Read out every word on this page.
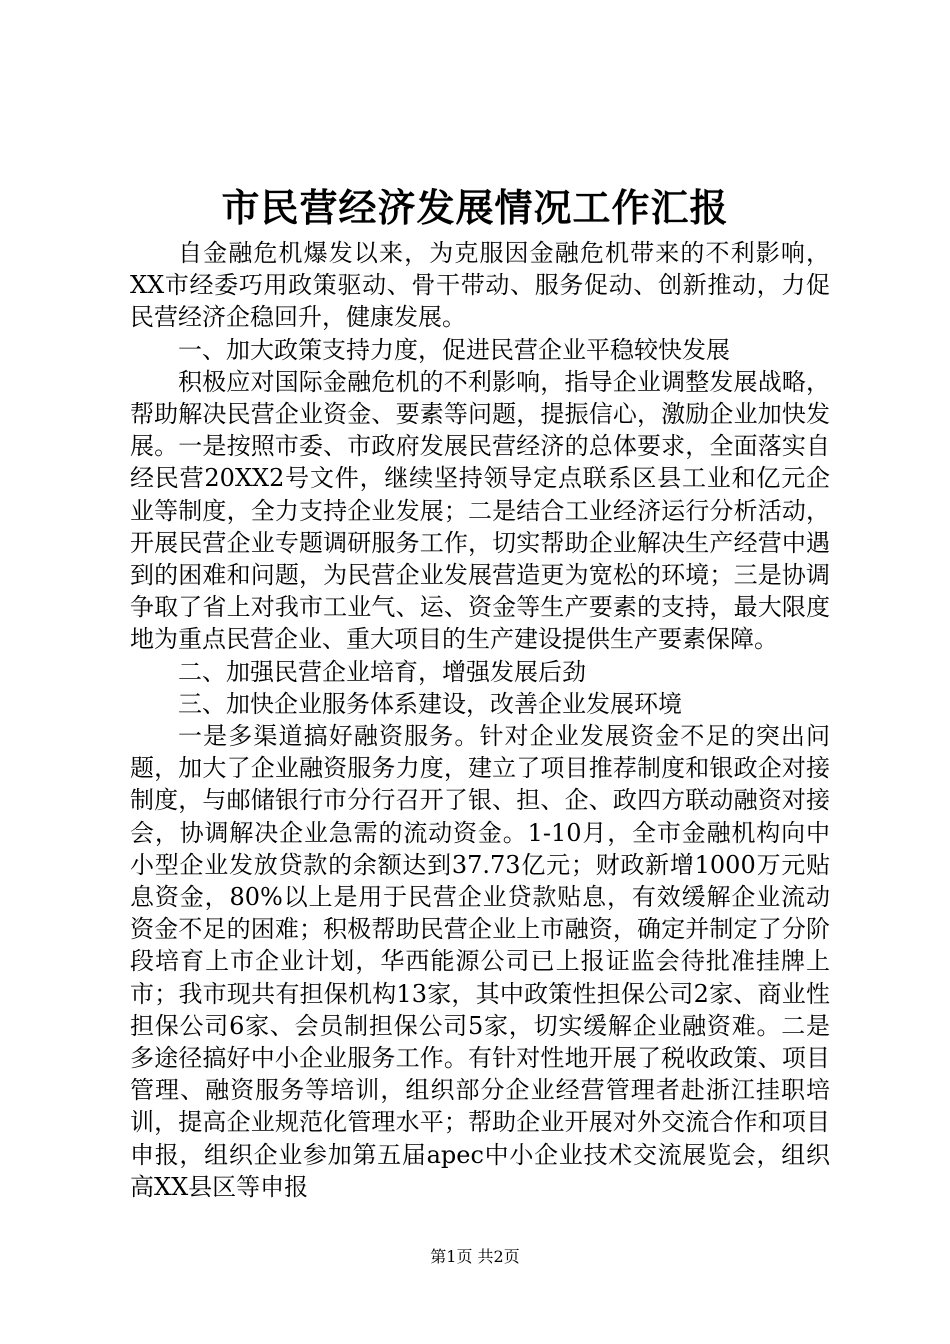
市民营经济发展情况工作汇报

自金融危机爆发以来，为克服因金融危机带来的不利影响，XX市经委巧用政策驱动、骨干带动、服务促动、创新推动，力促民营经济企稳回升，健康发展。

一、加大政策支持力度，促进民营企业平稳较快发展

积极应对国际金融危机的不利影响，指导企业调整发展战略，帮助解决民营企业资金、要素等问题，提振信心，激励企业加快发展。一是按照市委、市政府发展民营经济的总体要求，全面落实自经民营20XX2号文件，继续坚持领导定点联系区县工业和亿元企业等制度，全力支持企业发展；二是结合工业经济运行分析活动，开展民营企业专题调研服务工作，切实帮助企业解决生产经营中遇到的困难和问题，为民营企业发展营造更为宽松的环境；三是协调争取了省上对我市工业气、运、资金等生产要素的支持，最大限度地为重点民营企业、重大项目的生产建设提供生产要素保障。

二、加强民营企业培育，增强发展后劲

三、加快企业服务体系建设，改善企业发展环境

一是多渠道搞好融资服务。针对企业发展资金不足的突出问题，加大了企业融资服务力度，建立了项目推荐制度和银政企对接制度，与邮储银行市分行召开了银、担、企、政四方联动融资对接会，协调解决企业急需的流动资金。1-10月，全市金融机构向中小型企业发放贷款的余额达到37.73亿元；财政新增1000万元贴息资金，80%以上是用于民营企业贷款贴息，有效缓解企业流动资金不足的困难；积极帮助民营企业上市融资，确定并制定了分阶段培育上市企业计划，华西能源公司已上报证监会待批准挂牌上市；我市现共有担保机构13家，其中政策性担保公司2家、商业性担保公司6家、会员制担保公司5家，切实缓解企业融资难。二是多途径搞好中小企业服务工作。有针对性地开展了税收政策、项目管理、融资服务等培训，组织部分企业经营管理者赴浙江挂职培训，提高企业规范化管理水平；帮助企业开展对外交流合作和项目申报，组织企业参加第五届apec中小企业技术交流展览会，组织高XX县区等申报

第1页 共2页
